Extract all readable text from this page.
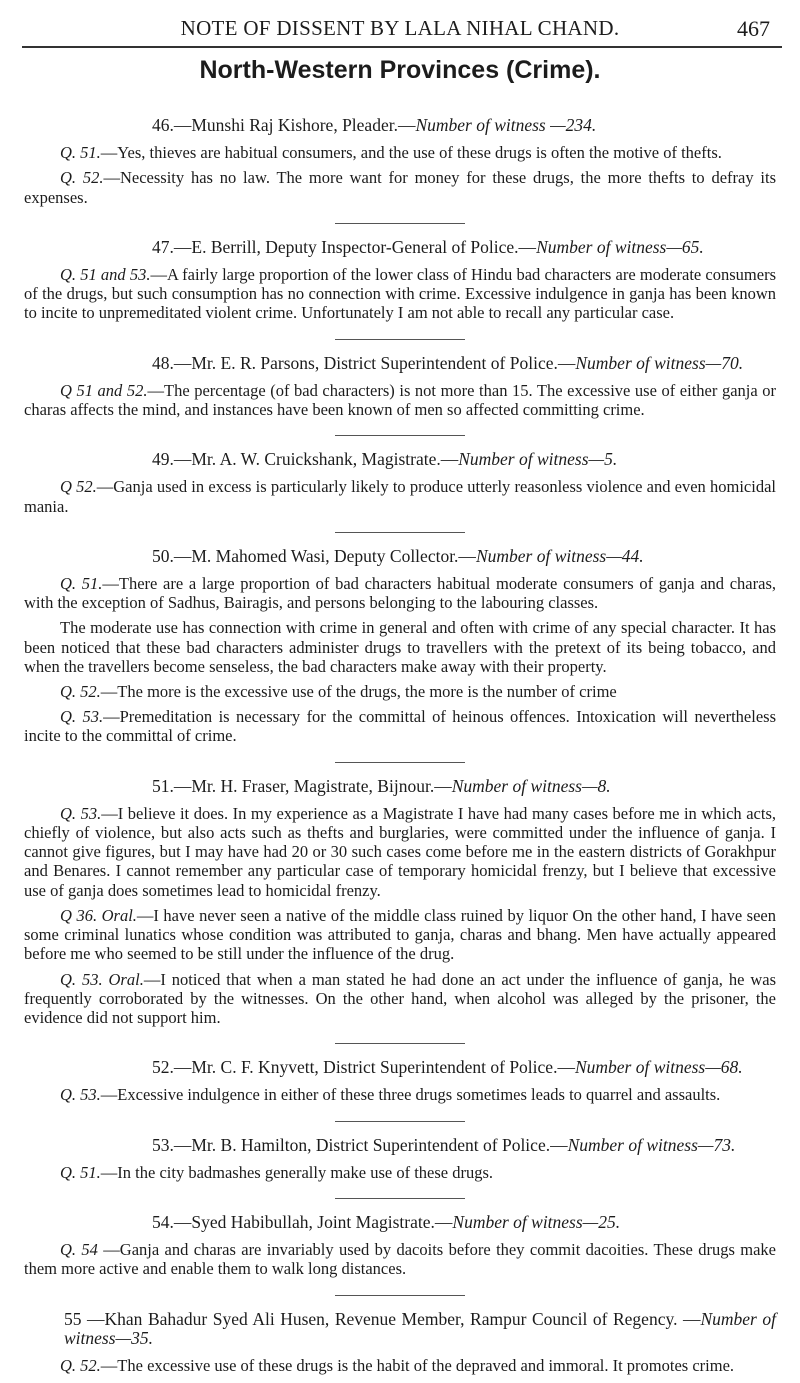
NOTE OF DISSENT BY LALA NIHAL CHAND.	467
North-Western Provinces (Crime).
46.—Munshi Raj Kishore, Pleader.—Number of witness —234.
Q. 51.—Yes, thieves are habitual consumers, and the use of these drugs is often the motive of thefts.
Q. 52.—Necessity has no law. The more want for money for these drugs, the more thefts to defray its expenses.
47.—E. Berrill, Deputy Inspector-General of Police.—Number of witness—65.
Q. 51 and 53.—A fairly large proportion of the lower class of Hindu bad characters are moderate consumers of the drugs, but such consumption has no connection with crime. Excessive indulgence in ganja has been known to incite to unpremeditated violent crime. Unfortunately I am not able to recall any particular case.
48.—Mr. E. R. Parsons, District Superintendent of Police.—Number of witness—70.
Q 51 and 52.—The percentage (of bad characters) is not more than 15. The excessive use of either ganja or charas affects the mind, and instances have been known of men so affected committing crime.
49.—Mr. A. W. Cruickshank, Magistrate.—Number of witness—5.
Q 52.—Ganja used in excess is particularly likely to produce utterly reasonless violence and even homicidal mania.
50.—M. Mahomed Wasi, Deputy Collector.—Number of witness—44.
Q. 51.—There are a large proportion of bad characters habitual moderate consumers of ganja and charas, with the exception of Sadhus, Bairagis, and persons belonging to the labouring classes.
The moderate use has connection with crime in general and often with crime of any special character. It has been noticed that these bad characters administer drugs to travellers with the pretext of its being tobacco, and when the travellers become senseless, the bad characters make away with their property.
Q. 52.—The more is the excessive use of the drugs, the more is the number of crime
Q. 53.—Premeditation is necessary for the committal of heinous offences. Intoxication will nevertheless incite to the committal of crime.
51.—Mr. H. Fraser, Magistrate, Bijnour.—Number of witness—8.
Q. 53.—I believe it does. In my experience as a Magistrate I have had many cases before me in which acts, chiefly of violence, but also acts such as thefts and burglaries, were committed under the influence of ganja. I cannot give figures, but I may have had 20 or 30 such cases come before me in the eastern districts of Gorakhpur and Benares. I cannot remember any particular case of temporary homicidal frenzy, but I believe that excessive use of ganja does sometimes lead to homicidal frenzy.
Q 36. Oral.—I have never seen a native of the middle class ruined by liquor On the other hand, I have seen some criminal lunatics whose condition was attributed to ganja, charas and bhang. Men have actually appeared before me who seemed to be still under the influence of the drug.
Q. 53. Oral.—I noticed that when a man stated he had done an act under the influence of ganja, he was frequently corroborated by the witnesses. On the other hand, when alcohol was alleged by the prisoner, the evidence did not support him.
52.—Mr. C. F. Knyvett, District Superintendent of Police.—Number of witness—68.
Q. 53.—Excessive indulgence in either of these three drugs sometimes leads to quarrel and assaults.
53.—Mr. B. Hamilton, District Superintendent of Police.—Number of witness—73.
Q. 51.—In the city badmashes generally make use of these drugs.
54.—Syed Habibullah, Joint Magistrate.—Number of witness—25.
Q. 54 —Ganja and charas are invariably used by dacoits before they commit dacoities. These drugs make them more active and enable them to walk long distances.
55 —Khan Bahadur Syed Ali Husen, Revenue Member, Rampur Council of Regency. —Number of witness—35.
Q. 52.—The excessive use of these drugs is the habit of the depraved and immoral. It promotes crime.
